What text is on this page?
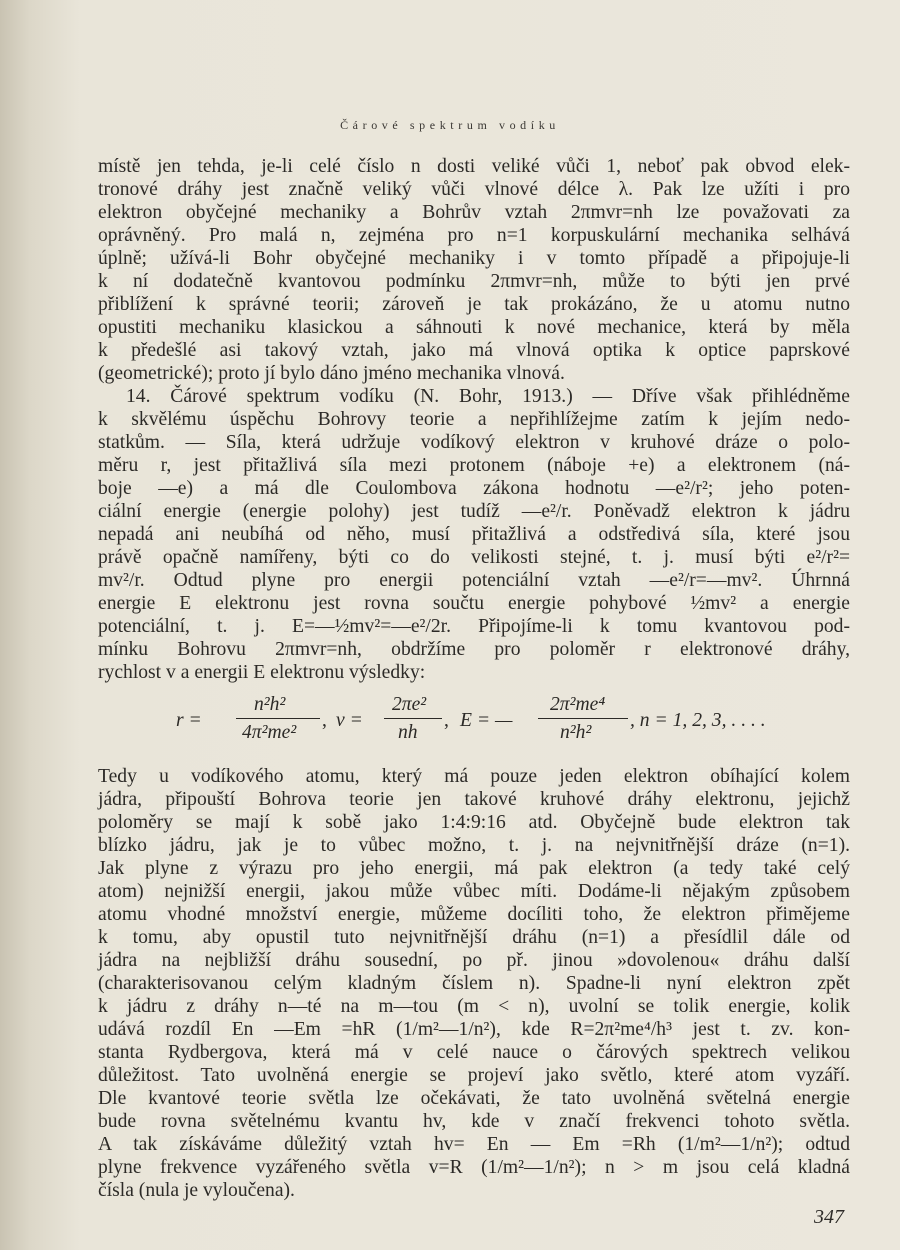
Čárové spektrum vodíku
místě jen tehda, je-li celé číslo n dosti veliké vůči 1, neboť pak obvod elek-
tronové dráhy jest značně veliký vůči vlnové délce λ. Pak lze užíti i pro
elektron obyčejné mechaniky a Bohrův vztah 2πmvr=nh lze považovati za
oprávněný. Pro malá n, zejména pro n=1 korpuskulární mechanika selhává
úplně; užívá-li Bohr obyčejné mechaniky i v tomto případě a připojuje-li
k ní dodatečně kvantovou podmínku 2πmvr=nh, může to býti jen prvé
přiblížení k správné teorii; zároveň je tak prokázáno, že u atomu nutno
opustiti mechaniku klasickou a sáhnouti k nové mechanice, která by měla
k předešlé asi takový vztah, jako má vlnová optika k optice paprskové
(geometrické); proto jí bylo dáno jméno mechanika vlnová.
14. Čárové spektrum vodíku (N. Bohr, 1913.) — Dříve však přihlédněme
k skvělému úspěchu Bohrovy teorie a nepřihlížejme zatím k jejím nedo-
statkům. — Síla, která udržuje vodíkový elektron v kruhové dráze o polo-
měru r, jest přitažlivá síla mezi protonem (náboje +e) a elektronem (ná-
boje —e) a má dle Coulombova zákona hodnotu —e²/r²; jeho poten-
ciální energie (energie polohy) jest tudíž —e²/r. Poněvadž elektron k jádru
nepadá ani neubíhá od něho, musí přitažlivá a odstředivá síla, které jsou
právě opačně namířeny, býti co do velikosti stejné, t. j. musí býti e²/r²=
mv²/r. Odtud plyne pro energii potenciální vztah —e²/r=—mv². Úhrnná
energie E elektronu jest rovna součtu energie pohybové ½mv² a energie
potenciální, t. j. E=—½mv²=—e²/2r. Připojíme-li k tomu kvantovou pod-
mínku Bohrovu 2πmvr=nh, obdržíme pro poloměr r elektronové dráhy,
rychlost v a energii E elektronu výsledky:
r =
n²h²
4π²me²
, v =
2πe²
nh
, E = —
2π²me⁴
n²h²
, n = 1, 2, 3, . . . .
Tedy u vodíkového atomu, který má pouze jeden elektron obíhající kolem
jádra, připouští Bohrova teorie jen takové kruhové dráhy elektronu, jejichž
poloměry se mají k sobě jako 1:4:9:16 atd. Obyčejně bude elektron tak
blízko jádru, jak je to vůbec možno, t. j. na nejvnitřnější dráze (n=1).
Jak plyne z výrazu pro jeho energii, má pak elektron (a tedy také celý
atom) nejnižší energii, jakou může vůbec míti. Dodáme-li nějakým způsobem
atomu vhodné množství energie, můžeme docíliti toho, že elektron přimějeme
k tomu, aby opustil tuto nejvnitřnější dráhu (n=1) a přesídlil dále od
jádra na nejbližší dráhu sousední, po př. jinou »dovolenou« dráhu další
(charakterisovanou celým kladným číslem n). Spadne-li nyní elektron zpět
k jádru z dráhy n—té na m—tou (m < n), uvolní se tolik energie, kolik
udává rozdíl En —Em =hR (1/m²—1/n²), kde R=2π²me⁴/h³ jest t. zv. kon-
stanta Rydbergova, která má v celé nauce o čárových spektrech velikou
důležitost. Tato uvolněná energie se projeví jako světlo, které atom vyzáří.
Dle kvantové teorie světla lze očekávati, že tato uvolněná světelná energie
bude rovna světelnému kvantu hv, kde v značí frekvenci tohoto světla.
A tak získáváme důležitý vztah hv= En — Em =Rh (1/m²—1/n²); odtud
plyne frekvence vyzářeného světla v=R (1/m²—1/n²); n > m jsou celá kladná
čísla (nula je vyloučena).
347
